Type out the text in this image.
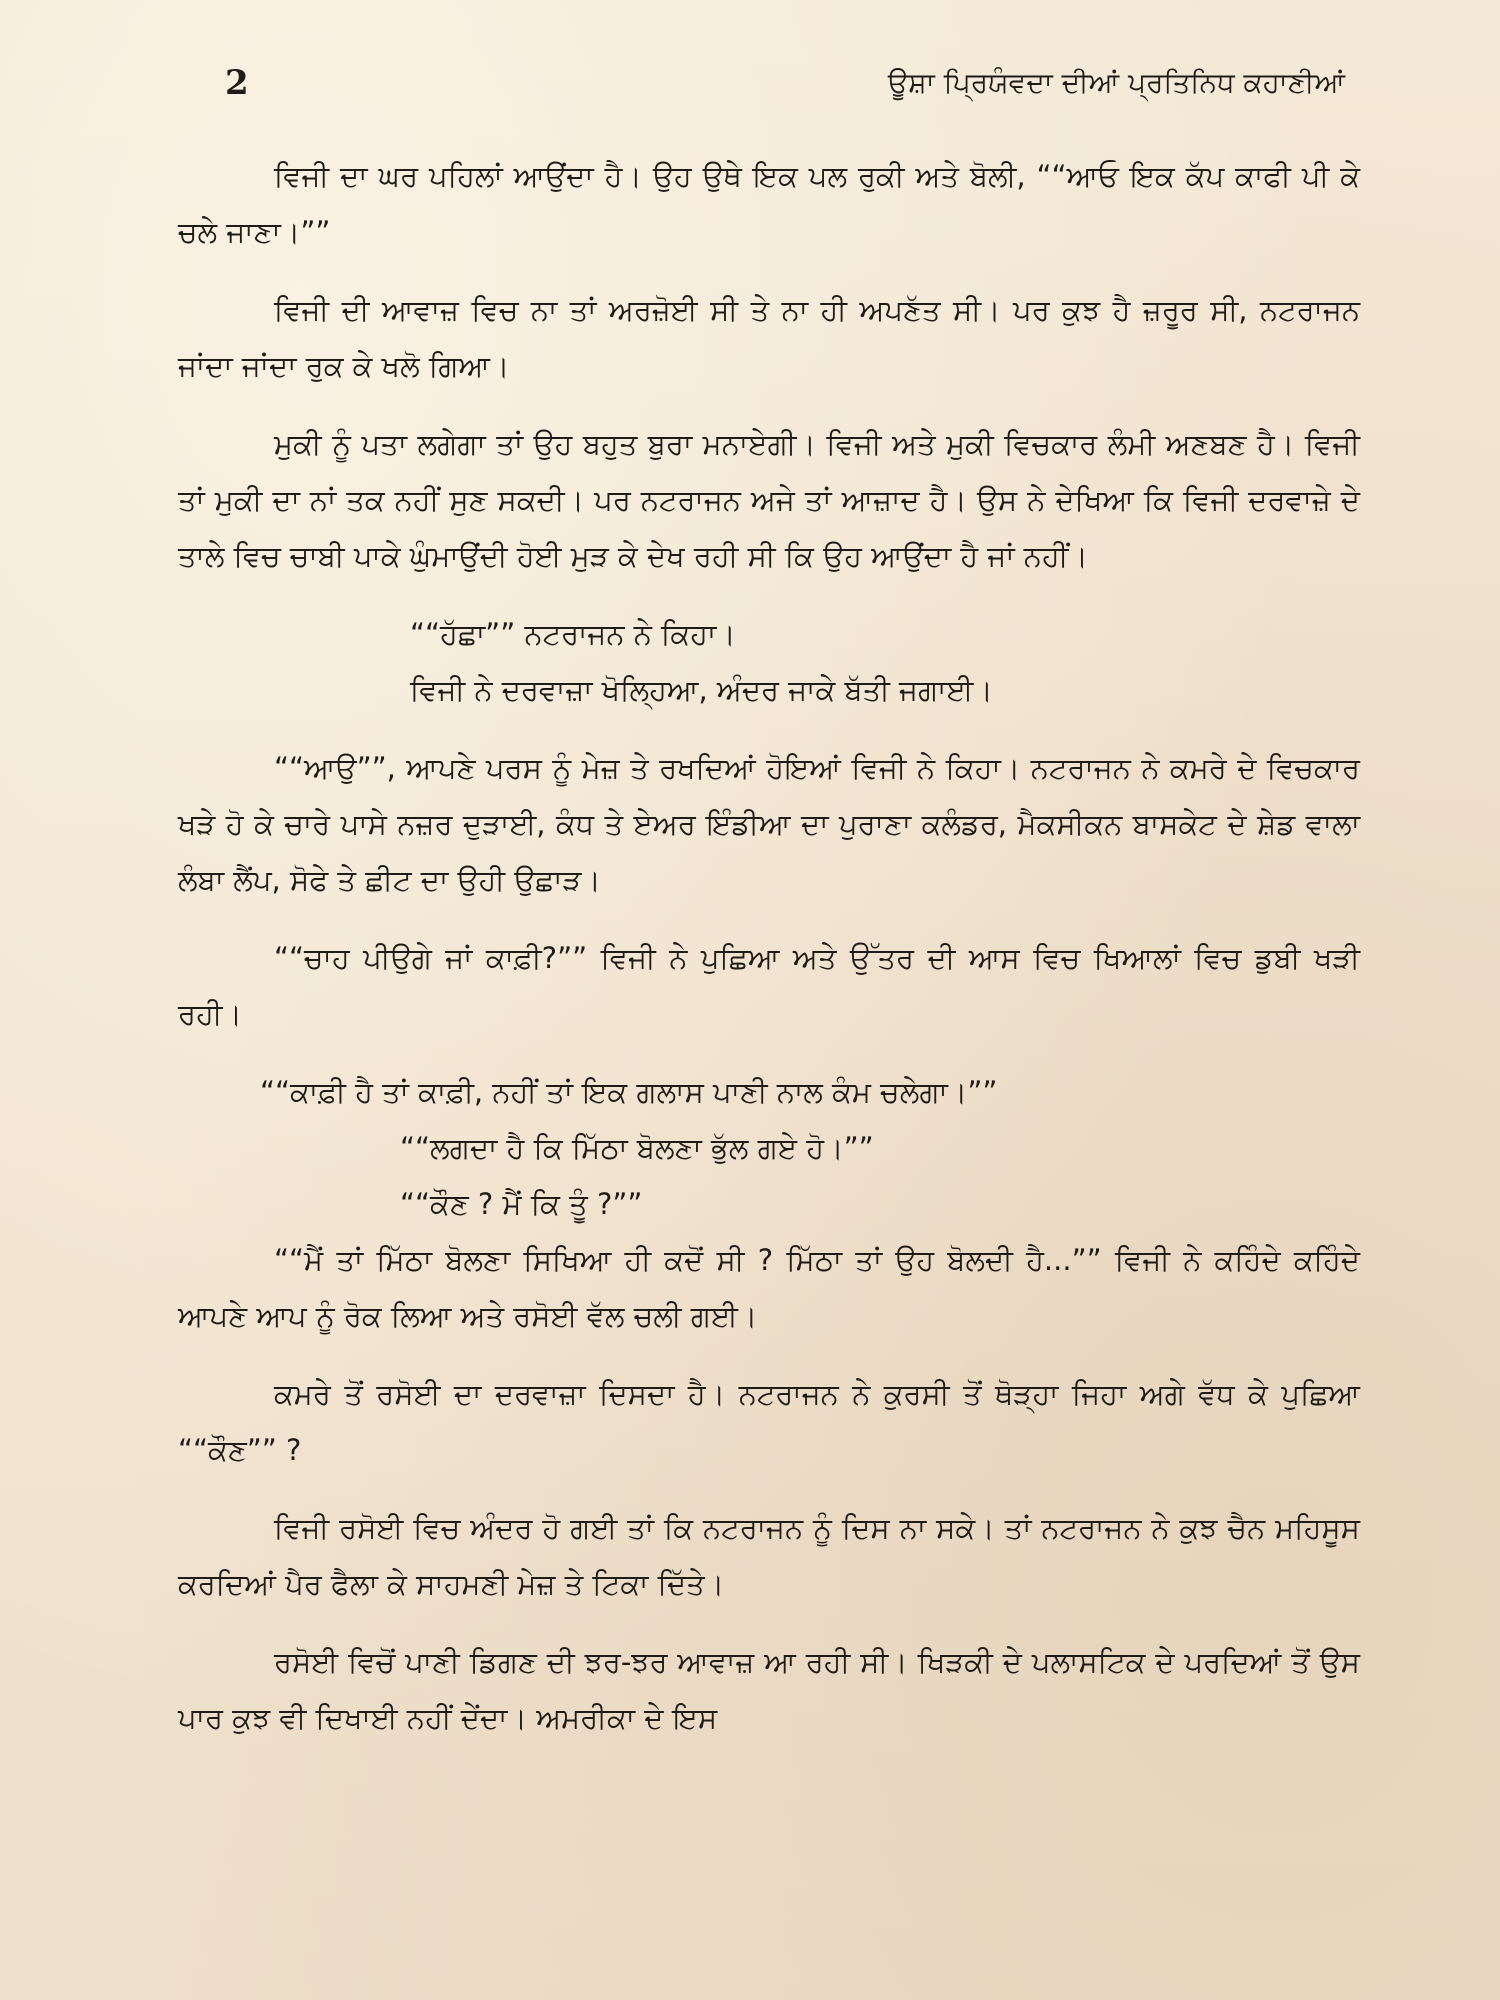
2	ਊਸ਼ਾ ਪ੍ਰਿਯੰਵਦਾ ਦੀਆਂ ਪ੍ਰਤਿਨਿਧ ਕਹਾਣੀਆਂ

ਵਿਜੀ ਦਾ ਘਰ ਪਹਿਲਾਂ ਆਉਂਦਾ ਹੈ। ਉਹ ਉਥੇ ਇਕ ਪਲ ਰੁਕੀ ਅਤੇ ਬੋਲੀ, ““ਆਓ ਇਕ ਕੱਪ ਕਾਫੀ ਪੀ ਕੇ ਚਲੇ ਜਾਣਾ।””

ਵਿਜੀ ਦੀ ਆਵਾਜ਼ ਵਿਚ ਨਾ ਤਾਂ ਅਰਜ਼ੋਈ ਸੀ ਤੇ ਨਾ ਹੀ ਅਪਣੱਤ ਸੀ। ਪਰ ਕੁਝ ਹੈ ਜ਼ਰੂਰ ਸੀ, ਨਟਰਾਜਨ ਜਾਂਦਾ ਜਾਂਦਾ ਰੁਕ ਕੇ ਖਲੋ ਗਿਆ।

ਮੁਕੀ ਨੂੰ ਪਤਾ ਲਗੇਗਾ ਤਾਂ ਉਹ ਬਹੁਤ ਬੁਰਾ ਮਨਾਏਗੀ। ਵਿਜੀ ਅਤੇ ਮੁਕੀ ਵਿਚਕਾਰ ਲੰਮੀ ਅਣਬਣ ਹੈ। ਵਿਜੀ ਤਾਂ ਮੁਕੀ ਦਾ ਨਾਂ ਤਕ ਨਹੀਂ ਸੁਣ ਸਕਦੀ। ਪਰ ਨਟਰਾਜਨ ਅਜੇ ਤਾਂ ਆਜ਼ਾਦ ਹੈ। ਉਸ ਨੇ ਦੇਖਿਆ ਕਿ ਵਿਜੀ ਦਰਵਾਜ਼ੇ ਦੇ ਤਾਲੇ ਵਿਚ ਚਾਬੀ ਪਾਕੇ ਘੁੰਮਾਉਂਦੀ ਹੋਈ ਮੁੜ ਕੇ ਦੇਖ ਰਹੀ ਸੀ ਕਿ ਉਹ ਆਉਂਦਾ ਹੈ ਜਾਂ ਨਹੀਂ।

““ਹੱਛਾ”” ਨਟਰਾਜਨ ਨੇ ਕਿਹਾ।

ਵਿਜੀ ਨੇ ਦਰਵਾਜ਼ਾ ਖੋਲ੍ਹਿਆ, ਅੰਦਰ ਜਾਕੇ ਬੱਤੀ ਜਗਾਈ।

““ਆਉ””, ਆਪਣੇ ਪਰਸ ਨੂੰ ਮੇਜ਼ ਤੇ ਰਖਦਿਆਂ ਹੋਇਆਂ ਵਿਜੀ ਨੇ ਕਿਹਾ। ਨਟਰਾਜਨ ਨੇ ਕਮਰੇ ਦੇ ਵਿਚਕਾਰ ਖੜੇ ਹੋ ਕੇ ਚਾਰੇ ਪਾਸੇ ਨਜ਼ਰ ਦੁੜਾਈ, ਕੰਧ ਤੇ ਏਅਰ ਇੰਡੀਆ ਦਾ ਪੁਰਾਣਾ ਕਲੰਡਰ, ਮੈਕਸੀਕਨ ਬਾਸਕੇਟ ਦੇ ਸ਼ੇਡ ਵਾਲਾ ਲੰਬਾ ਲੈਂਪ, ਸੋਫੇ ਤੇ ਛੀਟ ਦਾ ਉਹੀ ਉਛਾੜ।

““ਚਾਹ ਪੀਉਗੇ ਜਾਂ ਕਾਫ਼ੀ?”” ਵਿਜੀ ਨੇ ਪੁਛਿਆ ਅਤੇ ਉੱਤਰ ਦੀ ਆਸ ਵਿਚ ਖਿਆਲਾਂ ਵਿਚ ਡੁਬੀ ਖੜੀ ਰਹੀ।

““ਕਾਫ਼ੀ ਹੈ ਤਾਂ ਕਾਫ਼ੀ, ਨਹੀਂ ਤਾਂ ਇਕ ਗਲਾਸ ਪਾਣੀ ਨਾਲ ਕੰਮ ਚਲੇਗਾ।””

““ਲਗਦਾ ਹੈ ਕਿ ਮਿੱਠਾ ਬੋਲਣਾ ਭੁੱਲ ਗਏ ਹੋ।””

““ਕੌਣ ? ਮੈਂ ਕਿ ਤੂੰ ?””

““ਮੈਂ ਤਾਂ ਮਿੱਠਾ ਬੋਲਣਾ ਸਿਖਿਆ ਹੀ ਕਦੋਂ ਸੀ ? ਮਿੱਠਾ ਤਾਂ ਉਹ ਬੋਲਦੀ ਹੈ...”” ਵਿਜੀ ਨੇ ਕਹਿੰਦੇ ਕਹਿੰਦੇ ਆਪਣੇ ਆਪ ਨੂੰ ਰੋਕ ਲਿਆ ਅਤੇ ਰਸੋਈ ਵੱਲ ਚਲੀ ਗਈ।

ਕਮਰੇ ਤੋਂ ਰਸੋਈ ਦਾ ਦਰਵਾਜ਼ਾ ਦਿਸਦਾ ਹੈ। ਨਟਰਾਜਨ ਨੇ ਕੁਰਸੀ ਤੋਂ ਥੋੜ੍ਹਾ ਜਿਹਾ ਅਗੇ ਵੱਧ ਕੇ ਪੁਛਿਆ ““ਕੌਣ”” ?

ਵਿਜੀ ਰਸੋਈ ਵਿਚ ਅੰਦਰ ਹੋ ਗਈ ਤਾਂ ਕਿ ਨਟਰਾਜਨ ਨੂੰ ਦਿਸ ਨਾ ਸਕੇ। ਤਾਂ ਨਟਰਾਜਨ ਨੇ ਕੁਝ ਚੈਨ ਮਹਿਸੂਸ ਕਰਦਿਆਂ ਪੈਰ ਫੈਲਾ ਕੇ ਸਾਹਮਣੀ ਮੇਜ਼ ਤੇ ਟਿਕਾ ਦਿੱਤੇ।

ਰਸੋਈ ਵਿਚੋਂ ਪਾਣੀ ਡਿਗਣ ਦੀ ਝਰ-ਝਰ ਆਵਾਜ਼ ਆ ਰਹੀ ਸੀ। ਖਿੜਕੀ ਦੇ ਪਲਾਸਟਿਕ ਦੇ ਪਰਦਿਆਂ ਤੋਂ ਉਸ ਪਾਰ ਕੁਝ ਵੀ ਦਿਖਾਈ ਨਹੀਂ ਦੇਂਦਾ। ਅਮਰੀਕਾ ਦੇ ਇਸ
